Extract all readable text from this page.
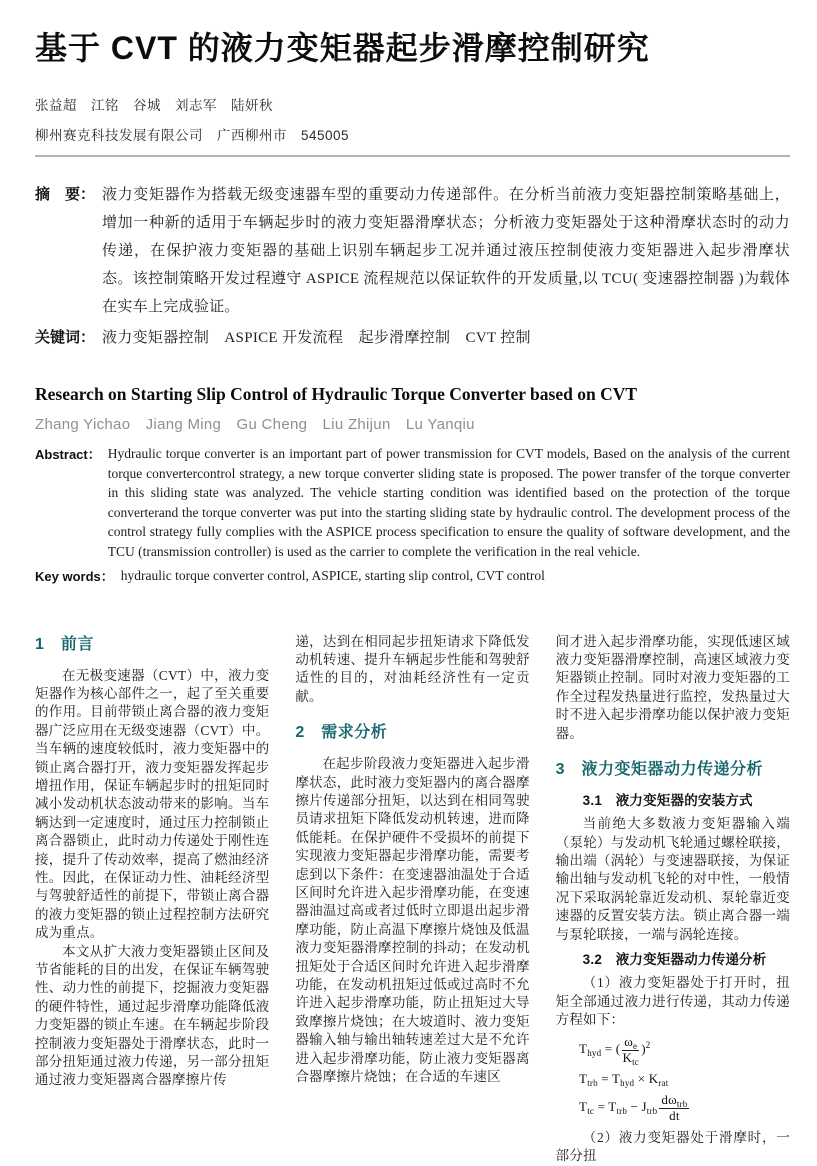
基于 CVT 的液力变矩器起步滑摩控制研究
张益超　江铭　谷城　刘志军　陆妍秋
柳州赛克科技发展有限公司　广西柳州市　545005
摘　要： 液力变矩器作为搭载无级变速器车型的重要动力传递部件。在分析当前液力变矩器控制策略基础上，增加一种新的适用于车辆起步时的液力变矩器滑摩状态；分析液力变矩器处于这种滑摩状态时的动力传递，在保护液力变矩器的基础上识别车辆起步工况并通过液压控制使液力变矩器进入起步滑摩状态。该控制策略开发过程遵守 ASPICE 流程规范以保证软件的开发质量,以 TCU( 变速器控制器 )为载体在实车上完成验证。
关键词： 液力变矩器控制　ASPICE 开发流程　起步滑摩控制　CVT 控制
Research on Starting Slip Control of Hydraulic Torque Converter based on CVT
Zhang Yichao　Jiang Ming　Gu Cheng　Liu Zhijun　Lu Yanqiu
Abstract： Hydraulic torque converter is an important part of power transmission for CVT models, Based on the analysis of the current torque convertercontrol strategy, a new torque converter sliding state is proposed. The power transfer of the torque converter in this sliding state was analyzed. The vehicle starting condition was identified based on the protection of the torque converterand the torque converter was put into the starting sliding state by hydraulic control. The development process of the control strategy fully complies with the ASPICE process specification to ensure the quality of software development, and the TCU (transmission controller) is used as the carrier to complete the verification in the real vehicle.
Key words： hydraulic torque converter control, ASPICE, starting slip control, CVT control
1　前言

在无极变速器（CVT）中，液力变矩器作为核心部件之一，起了至关重要的作用。目前带锁止离合器的液力变矩器广泛应用在无级变速器（CVT）中。当车辆的速度较低时，液力变矩器中的锁止离合器打开，液力变矩器发挥起步增扭作用，保证车辆起步时的扭矩同时减小发动机状态波动带来的影响。当车辆达到一定速度时，通过压力控制锁止离合器锁止，此时动力传递处于刚性连接，提升了传动效率，提高了燃油经济性。因此，在保证动力性、油耗经济型与驾驶舒适性的前提下，带锁止离合器的液力变矩器的锁止过程控制方法研究成为重点。

本文从扩大液力变矩器锁止区间及节省能耗的目的出发，在保证车辆驾驶性、动力性的前提下，挖掘液力变矩器的硬件特性，通过起步滑摩功能降低液力变矩器的锁止车速。在车辆起步阶段控制液力变矩器处于滑摩状态，此时一部分扭矩通过液力传递，另一部分扭矩通过液力变矩器离合器摩擦片传

递，达到在相同起步扭矩请求下降低发动机转速、提升车辆起步性能和驾驶舒适性的目的，对油耗经济性有一定贡献。

2　需求分析

在起步阶段液力变矩器进入起步滑摩状态，此时液力变矩器内的离合器摩擦片传递部分扭矩，以达到在相同驾驶员请求扭矩下降低发动机转速，进而降低能耗。在保护硬件不受损坏的前提下实现液力变矩器起步滑摩功能，需要考虑到以下条件：在变速器油温处于合适区间时允许进入起步滑摩功能，在变速器油温过高或者过低时立即退出起步滑摩功能，防止高温下摩擦片烧蚀及低温液力变矩器滑摩控制的抖动；在发动机扭矩处于合适区间时允许进入起步滑摩功能，在发动机扭矩过低或过高时不允许进入起步滑摩功能，防止扭矩过大导致摩擦片烧蚀；在大坡道时、液力变矩器输入轴与输出轴转速差过大是不允许进入起步滑摩功能，防止液力变矩器离合器摩擦片烧蚀；在合适的车速区

间才进入起步滑摩功能，实现低速区域液力变矩器滑摩控制，高速区域液力变矩器锁止控制。同时对液力变矩器的工作全过程发热量进行监控，发热量过大时不进入起步滑摩功能以保护液力变矩器。

3　液力变矩器动力传递分析
3.1　液力变矩器的安装方式

当前绝大多数液力变矩器输入端（泵轮）与发动机飞轮通过螺栓联接，输出端（涡轮）与变速器联接，为保证输出轴与发动机飞轮的对中性，一般情况下采取涡轮靠近发动机、泵轮靠近变速器的反置安装方法。锁止离合器一端与泵轮联接，一端与涡轮连接。

3.2　液力变矩器动力传递分析

（1）液力变矩器处于打开时，扭矩全部通过液力进行传递，其动力传递方程如下：

$T_{hyd}$ = ( $\frac{\omega_e}{K_{tc}} )^2$
$T_{trb} = T_{hyd} \times K_{rat}$
$T_{tc} = T_{trb} - J_{trb} \frac{d\omega_{trb}}{dt}$

（2）液力变矩器处于滑摩时，一部分扭
